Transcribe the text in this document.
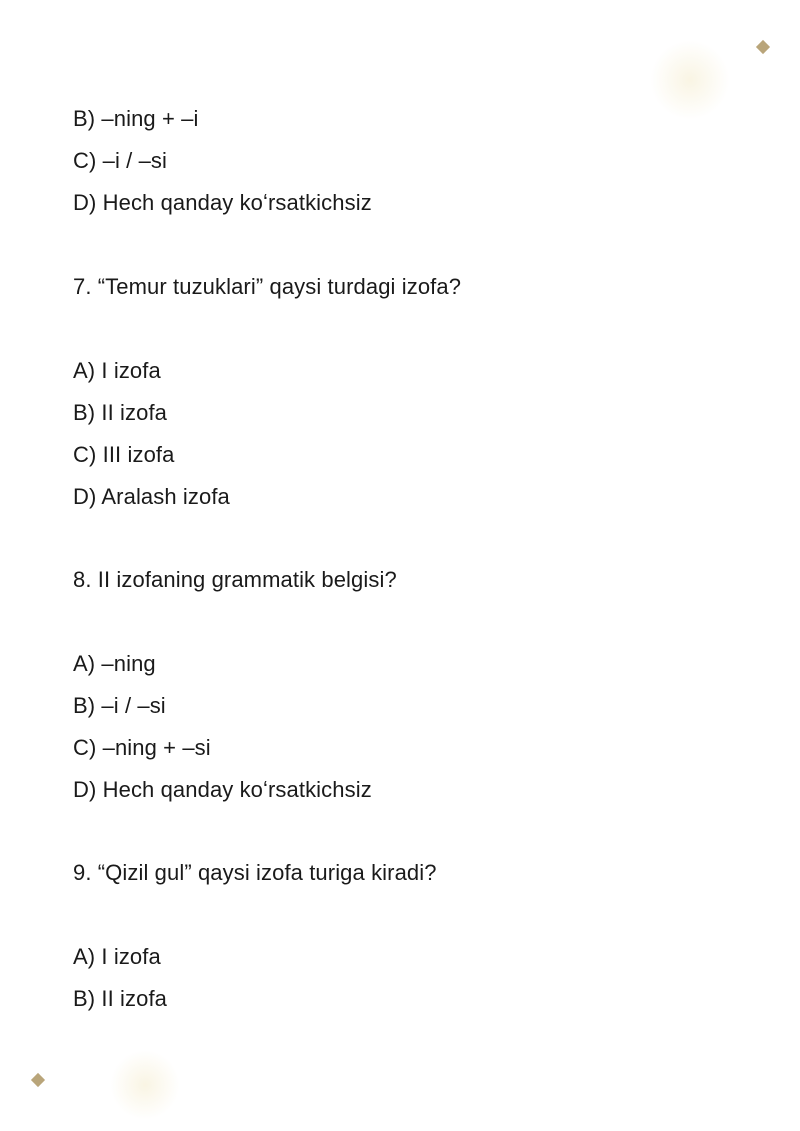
B) –ning + –i
C) –i / –si
D) Hech qanday koʻrsatkichsiz
7. “Temur tuzuklari” qaysi turdagi izofa?
A) I izofa
B) II izofa
C) III izofa
D) Aralash izofa
8. II izofaning grammatik belgisi?
A) –ning
B) –i / –si
C) –ning + –si
D) Hech qanday koʻrsatkichsiz
9. “Qizil gul” qaysi izofa turiga kiradi?
A) I izofa
B) II izofa
